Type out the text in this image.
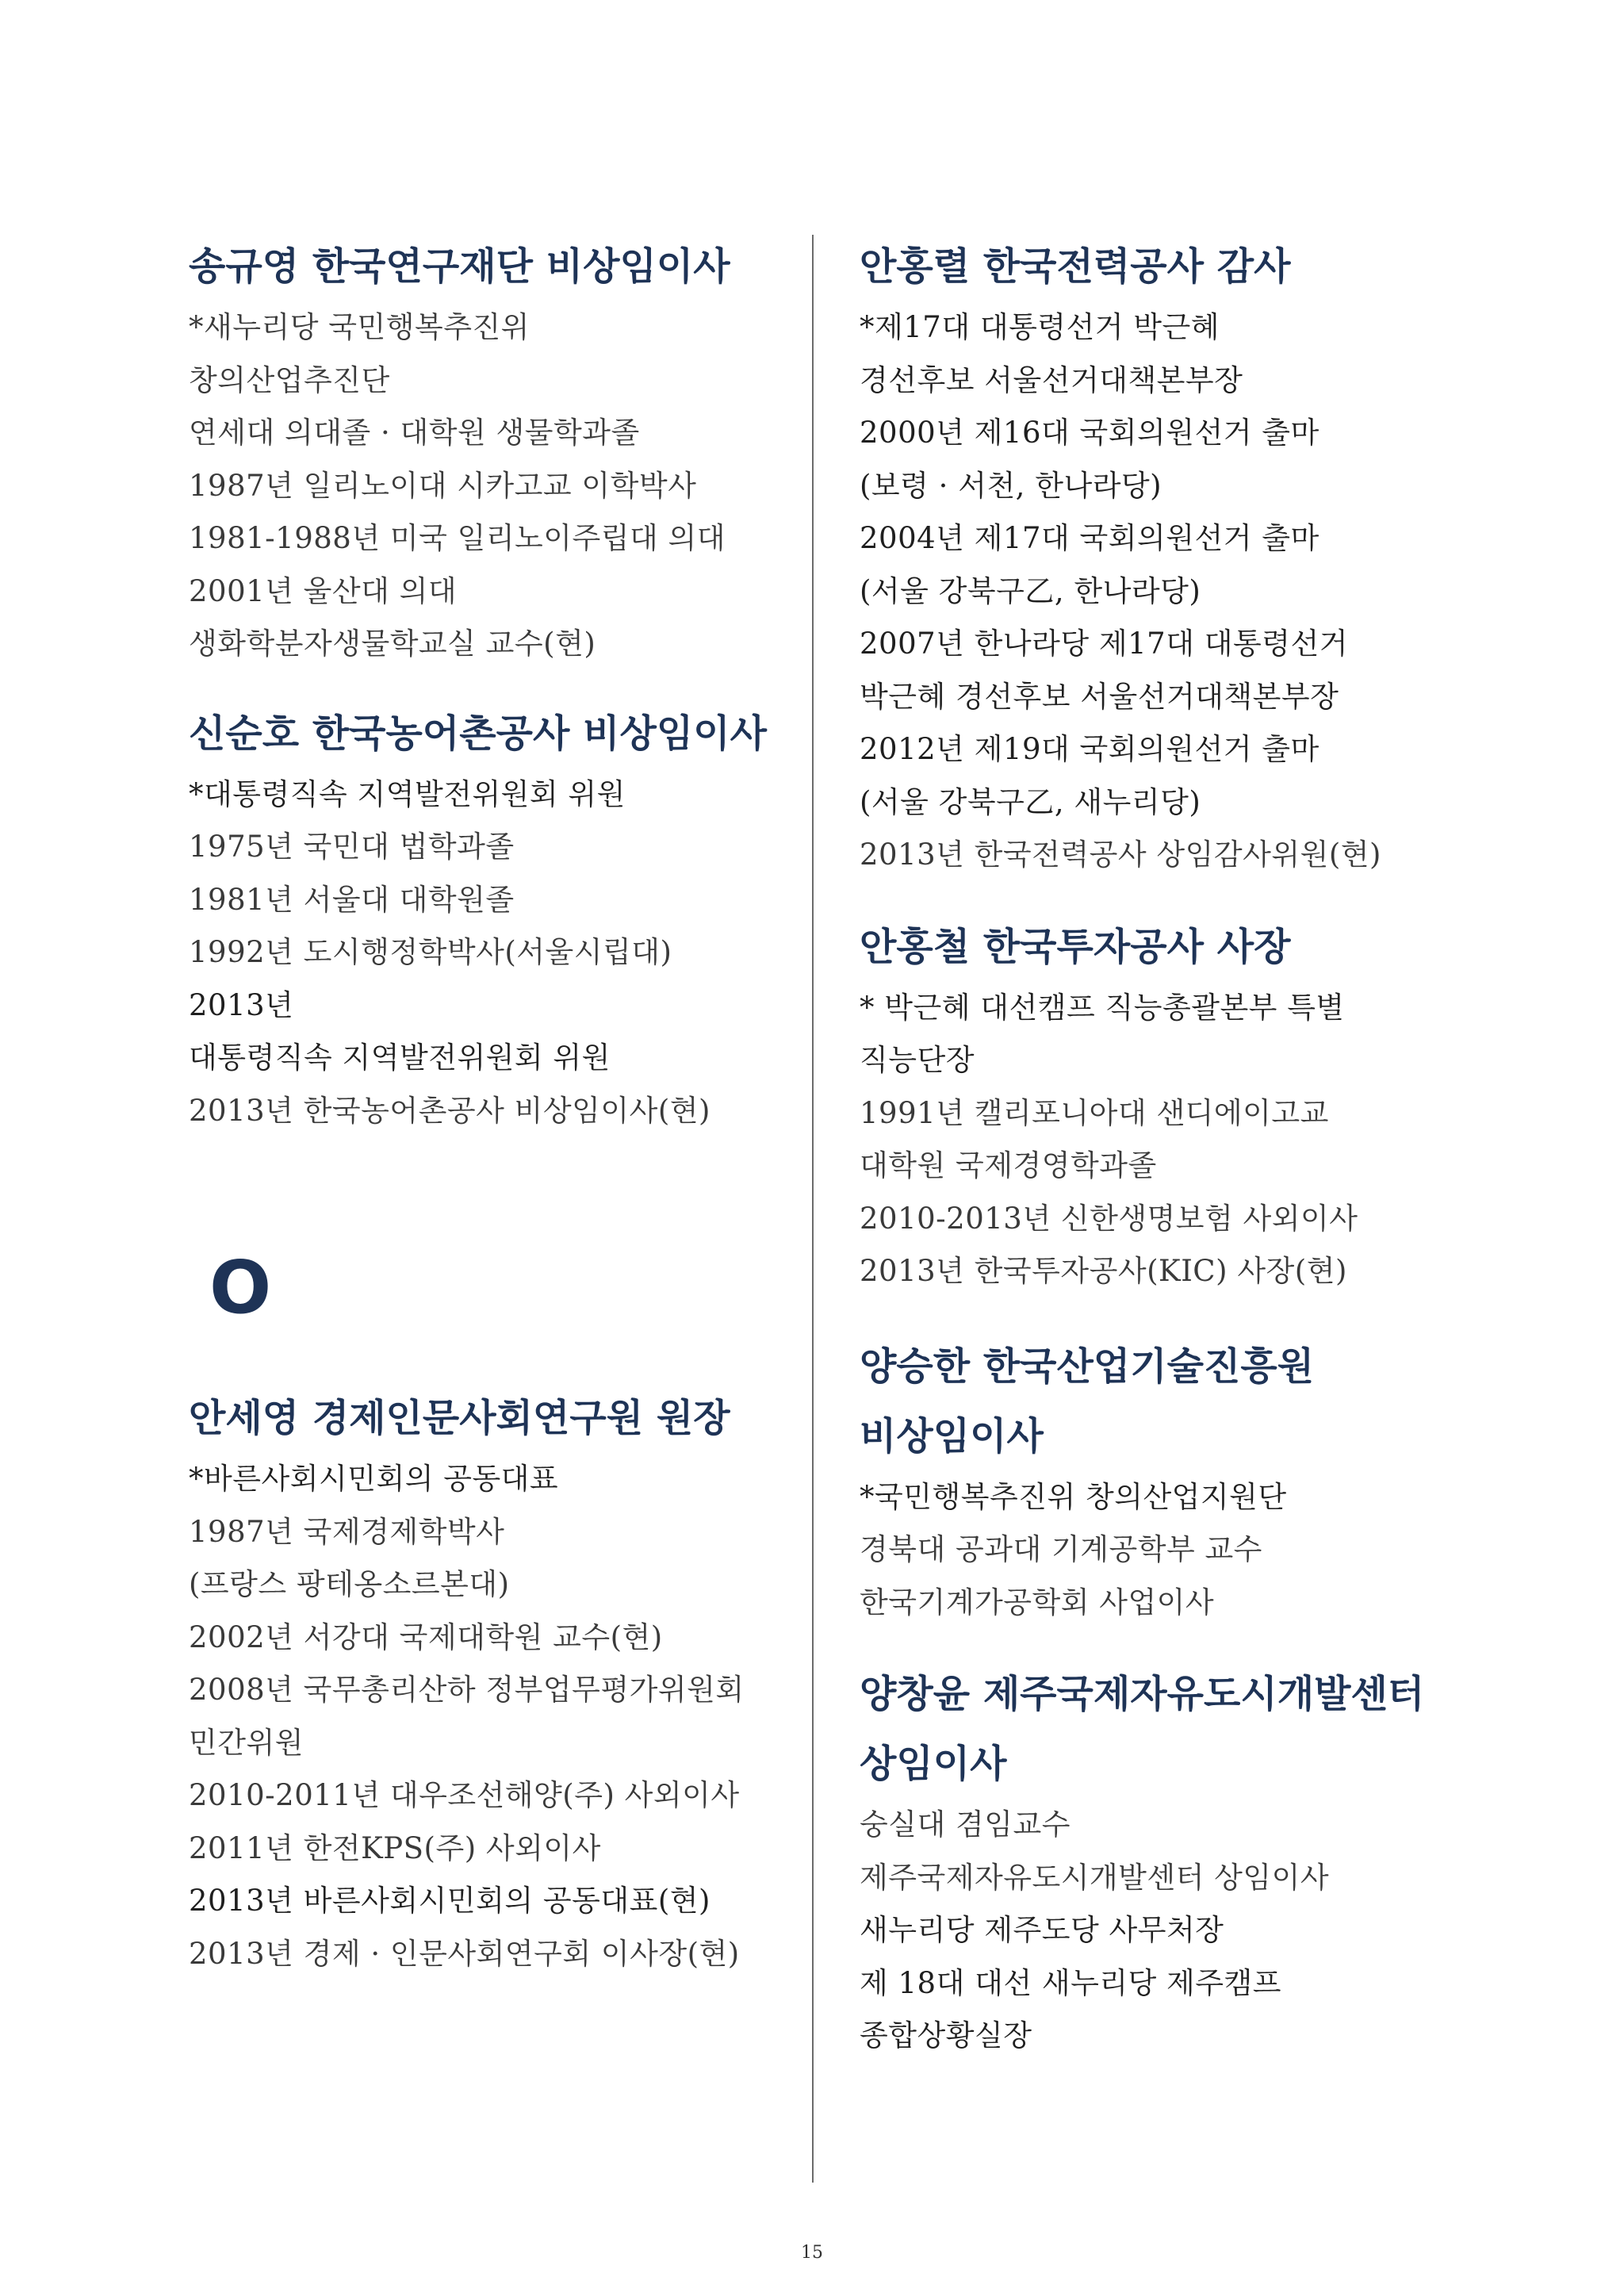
송규영 한국연구재단 비상임이사

*새누리당 국민행복추진위

창의산업추진단

연세대 의대졸 · 대학원 생물학과졸

1987년 일리노이대 시카고교 이학박사

1981-1988년 미국 일리노이주립대 의대

2001년 울산대 의대

생화학분자생물학교실 교수(현)

신순호 한국농어촌공사 비상임이사

*대통령직속 지역발전위원회 위원

1975년 국민대 법학과졸

1981년 서울대 대학원졸

1992년 도시행정학박사(서울시립대)

2013년

대통령직속 지역발전위원회 위원

2013년 한국농어촌공사 비상임이사(현)

O

안세영 경제인문사회연구원 원장

*바른사회시민회의 공동대표

1987년 국제경제학박사

(프랑스 팡테옹소르본대)

2002년 서강대 국제대학원 교수(현)

2008년 국무총리산하 정부업무평가위원회

민간위원

2010-2011년 대우조선해양(주) 사외이사

2011년 한전KPS(주) 사외이사

2013년 바른사회시민회의 공동대표(현)

2013년 경제 · 인문사회연구회 이사장(현)

안홍렬 한국전력공사 감사

*제17대 대통령선거 박근혜

경선후보 서울선거대책본부장

2000년 제16대 국회의원선거 출마

(보령 · 서천, 한나라당)

2004년 제17대 국회의원선거 출마

(서울 강북구乙, 한나라당)

2007년 한나라당 제17대 대통령선거

박근혜 경선후보 서울선거대책본부장

2012년 제19대 국회의원선거 출마

(서울 강북구乙, 새누리당)

2013년 한국전력공사 상임감사위원(현)

안홍철 한국투자공사 사장

* 박근혜 대선캠프 직능총괄본부 특별

직능단장

1991년 캘리포니아대 샌디에이고교

대학원 국제경영학과졸

2010-2013년 신한생명보험 사외이사

2013년 한국투자공사(KIC) 사장(현)

양승한 한국산업기술진흥원
비상임이사

*국민행복추진위 창의산업지원단

경북대 공과대 기계공학부 교수

한국기계가공학회 사업이사

양창윤 제주국제자유도시개발센터
상임이사

숭실대 겸임교수

제주국제자유도시개발센터 상임이사

새누리당 제주도당 사무처장

제 18대 대선 새누리당 제주캠프

종합상황실장

15
